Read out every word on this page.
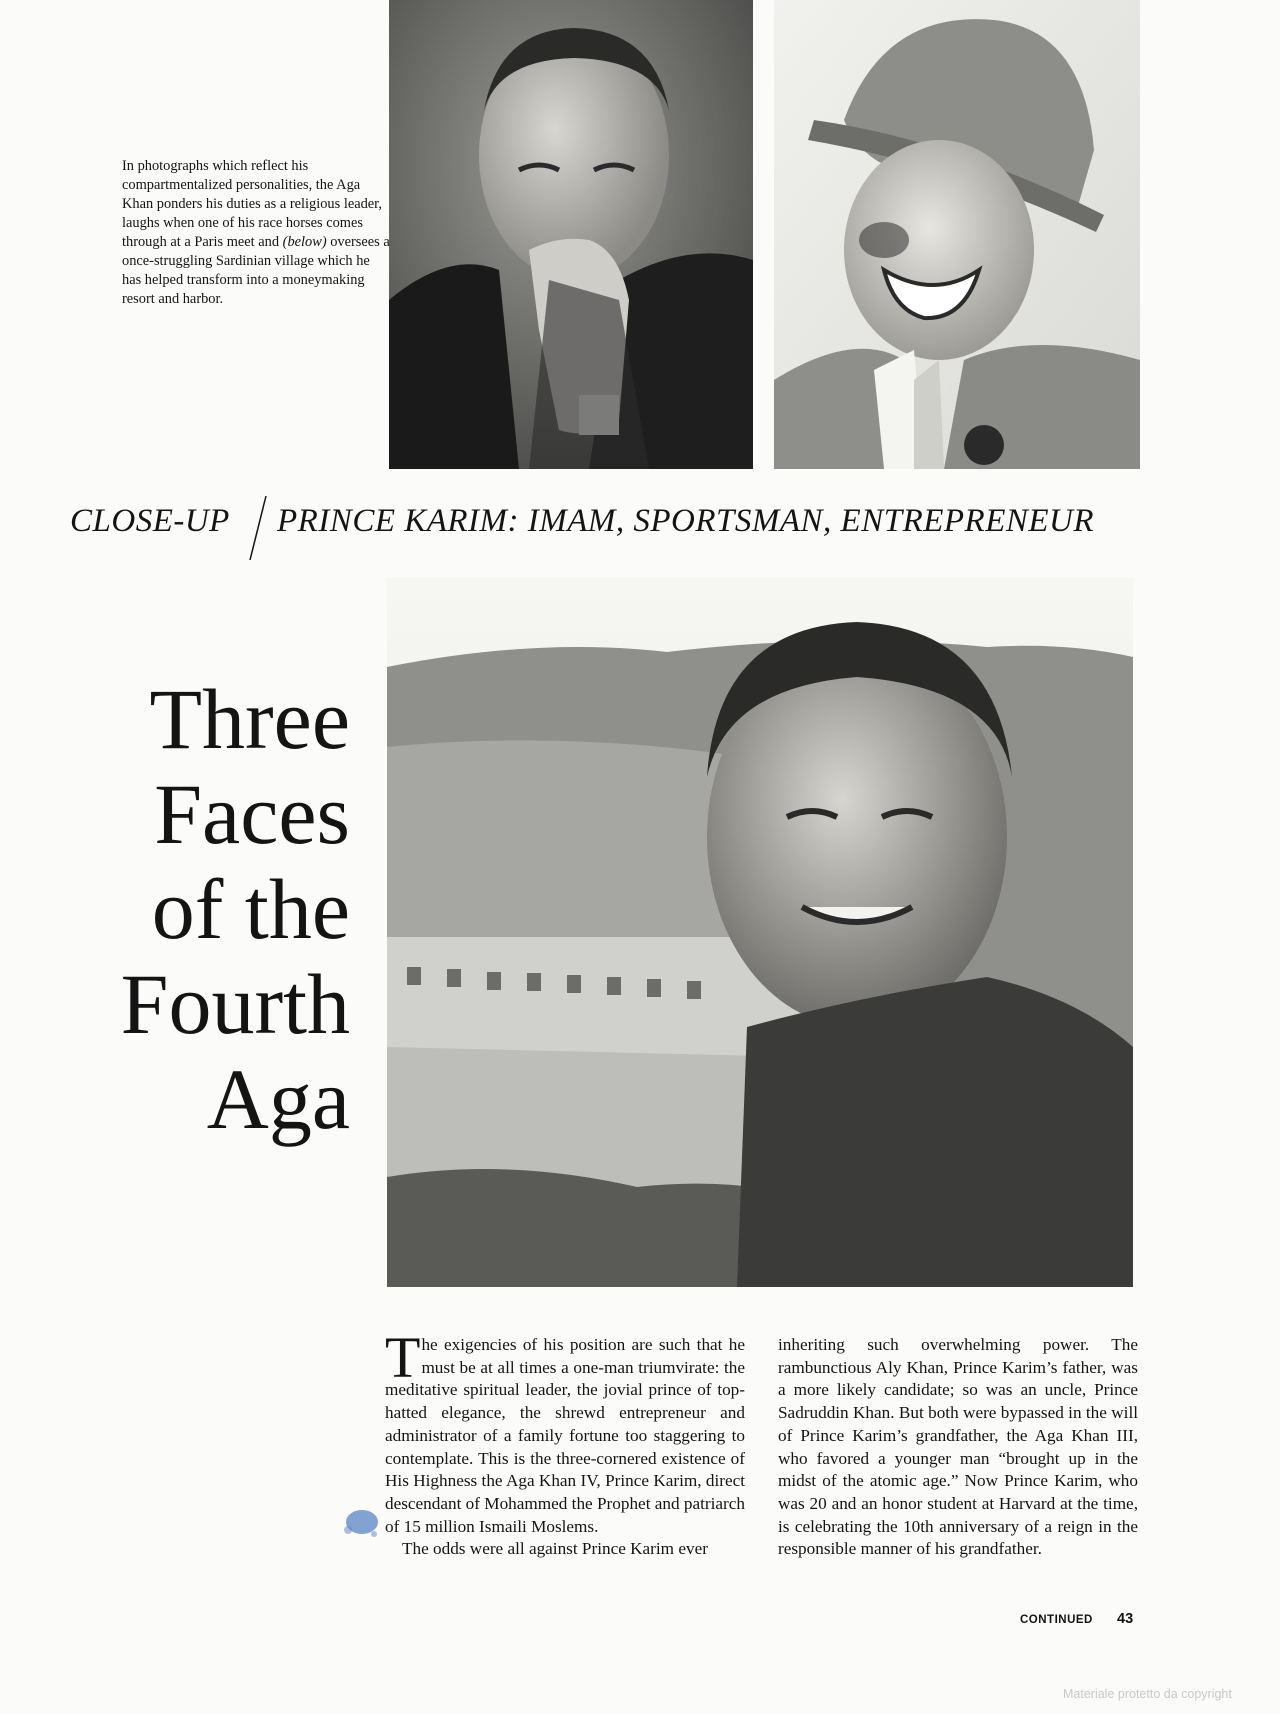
In photographs which reflect his compartmentalized personalities, the Aga Khan ponders his duties as a religious leader, laughs when one of his race horses comes through at a Paris meet and (below) oversees a once-struggling Sardinian village which he has helped transform into a moneymaking resort and harbor.

CLOSE-UP PRINCE KARIM: IMAM, SPORTSMAN, ENTREPRENEUR
Three
Faces
of the
Fourth
Aga

The exigencies of his position are such that he must be at all times a one-man triumvirate: the meditative spiritual leader, the jovial prince of top-hatted elegance, the shrewd entrepreneur and administrator of a family fortune too staggering to contemplate. This is the three-cornered existence of His Highness the Aga Khan IV, Prince Karim, direct descendant of Mohammed the Prophet and patriarch of 15 million Ismaili Moslems.

The odds were all against Prince Karim ever

inheriting such overwhelming power. The rambunctious Aly Khan, Prince Karim’s father, was a more likely candidate; so was an uncle, Prince Sadruddin Khan. But both were bypassed in the will of Prince Karim’s grandfather, the Aga Khan III, who favored a younger man “brought up in the midst of the atomic age.” Now Prince Karim, who was 20 and an honor student at Harvard at the time, is celebrating the 10th anniversary of a reign in the responsible manner of his grandfather.

CONTINUED 43
Materiale protetto da copyright
